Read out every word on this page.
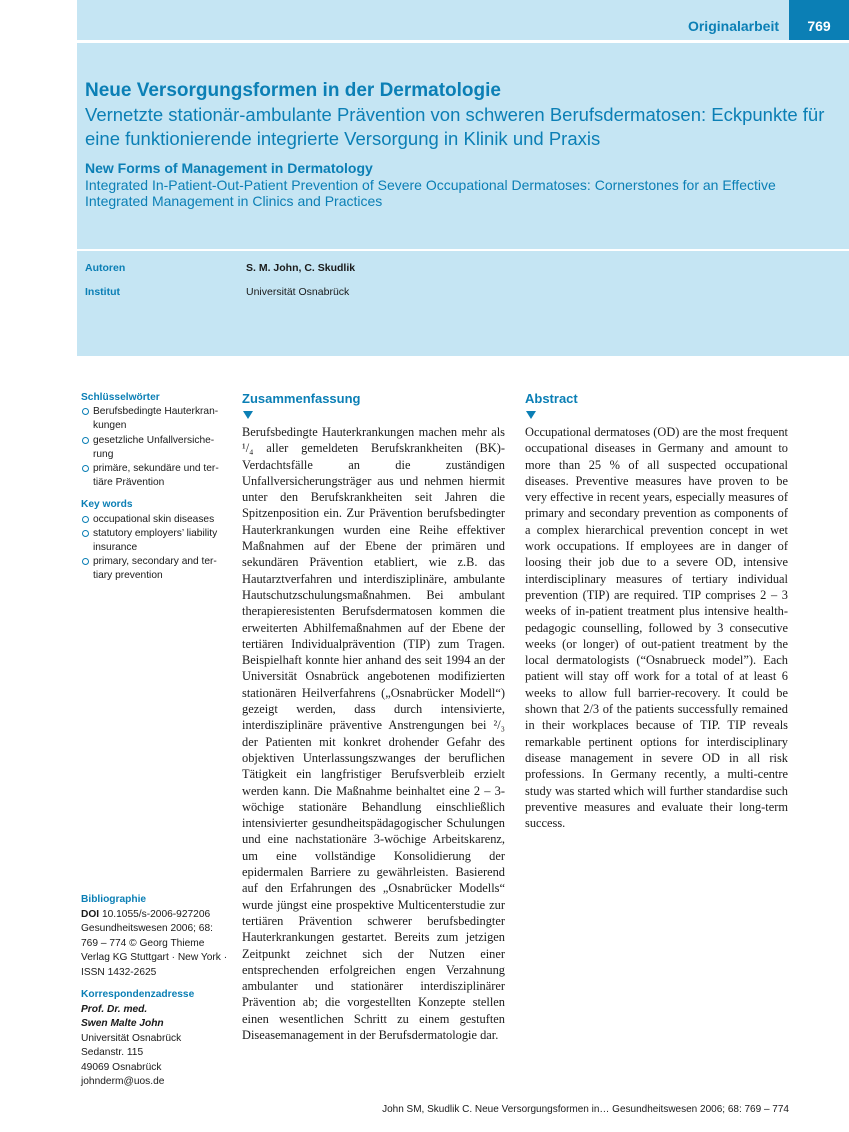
Originalarbeit	769
Neue Versorgungsformen in der Dermatologie
Vernetzte stationär-ambulante Prävention von schweren Berufsdermatosen: Eckpunkte für eine funktionierende integrierte Versorgung in Klinik und Praxis
New Forms of Management in Dermatology
Integrated In-Patient-Out-Patient Prevention of Severe Occupational Dermatoses: Cornerstones for an Effective Integrated Management in Clinics and Practices
Autoren	S. M. John, C. Skudlik
Institut	Universität Osnabrück
Schlüsselwörter
Berufsbedingte Hauterkran-kungen
gesetzliche Unfallversiche-rung
primäre, sekundäre und ter-tiäre Prävention
Key words
occupational skin diseases
statutory employers’ liability insurance
primary, secondary and ter-tiary prevention
Bibliographie
DOI 10.1055/s-2006-927206
Gesundheitswesen 2006; 68: 769 – 774 © Georg Thieme Verlag KG Stuttgart · New York · ISSN 1432-2625
Korrespondenzadresse
Prof. Dr. med.
Swen Malte John
Universität Osnabrück
Sedanstr. 115
49069 Osnabrück
johnderm@uos.de
Zusammenfassung
Berufsbedingte Hauterkrankungen machen mehr als ¹/₄ aller gemeldeten Berufskrankheiten (BK)-Verdachtsfälle an die zuständigen Unfallversicherungsträger aus und nehmen hiermit unter den Berufskrankheiten seit Jahren die Spitzenposition ein. Zur Prävention berufsbedingter Hauterkrankungen wurden eine Reihe effektiver Maßnahmen auf der Ebene der primären und sekundären Prävention etabliert, wie z.B. das Hautarztverfahren und interdisziplinäre, ambulante Hautschutzschulungsmaßnahmen. Bei ambulant therapieresistenten Berufsdermatosen kommen die erweiterten Abhilfemaßnahmen auf der Ebene der tertiären Individualprävention (TIP) zum Tragen. Beispielhaft konnte hier anhand des seit 1994 an der Universität Osnabrück angebotenen modifizierten stationären Heilverfahrens („Osnabrücker Modell“) gezeigt werden, dass durch intensivierte, interdisziplinäre präventive Anstrengungen bei ²/₃ der Patienten mit konkret drohender Gefahr des objektiven Unterlassungszwanges der beruflichen Tätigkeit ein langfristiger Berufsverbleib erzielt werden kann. Die Maßnahme beinhaltet eine 2 – 3-wöchige stationäre Behandlung einschließlich intensivierter gesundheitspädagogischer Schulungen und eine nachstationäre 3-wöchige Arbeitskarenz, um eine vollständige Konsolidierung der epidermalen Barriere zu gewährleisten. Basierend auf den Erfahrungen des „Osnabrücker Modells“ wurde jüngst eine prospektive Multicenterstudie zur tertiären Prävention schwerer berufsbedingter Hauterkrankungen gestartet. Bereits zum jetzigen Zeitpunkt zeichnet sich der Nutzen einer entsprechenden erfolgreichen engen Verzahnung ambulanter und stationärer interdisziplinärer Prävention ab; die vorgestellten Konzepte stellen einen wesentlichen Schritt zu einem gestuften Diseasemanagement in der Berufsdermatologie dar.
Abstract
Occupational dermatoses (OD) are the most frequent occupational diseases in Germany and amount to more than 25 % of all suspected occupational diseases. Preventive measures have proven to be very effective in recent years, especially measures of primary and secondary prevention as components of a complex hierarchical prevention concept in wet work occupations. If employees are in danger of loosing their job due to a severe OD, intensive interdisciplinary measures of tertiary individual prevention (TIP) are required. TIP comprises 2 – 3 weeks of in-patient treatment plus intensive health-pedagogic counselling, followed by 3 consecutive weeks (or longer) of out-patient treatment by the local dermatologists (“Osnabrueck model”). Each patient will stay off work for a total of at least 6 weeks to allow full barrier-recovery. It could be shown that 2/3 of the patients successfully remained in their workplaces because of TIP. TIP reveals remarkable pertinent options for interdisciplinary disease management in severe OD in all risk professions. In Germany recently, a multi-centre study was started which will further standardise such preventive measures and evaluate their long-term success.
John SM, Skudlik C. Neue Versorgungsformen in… Gesundheitswesen 2006; 68: 769 – 774
